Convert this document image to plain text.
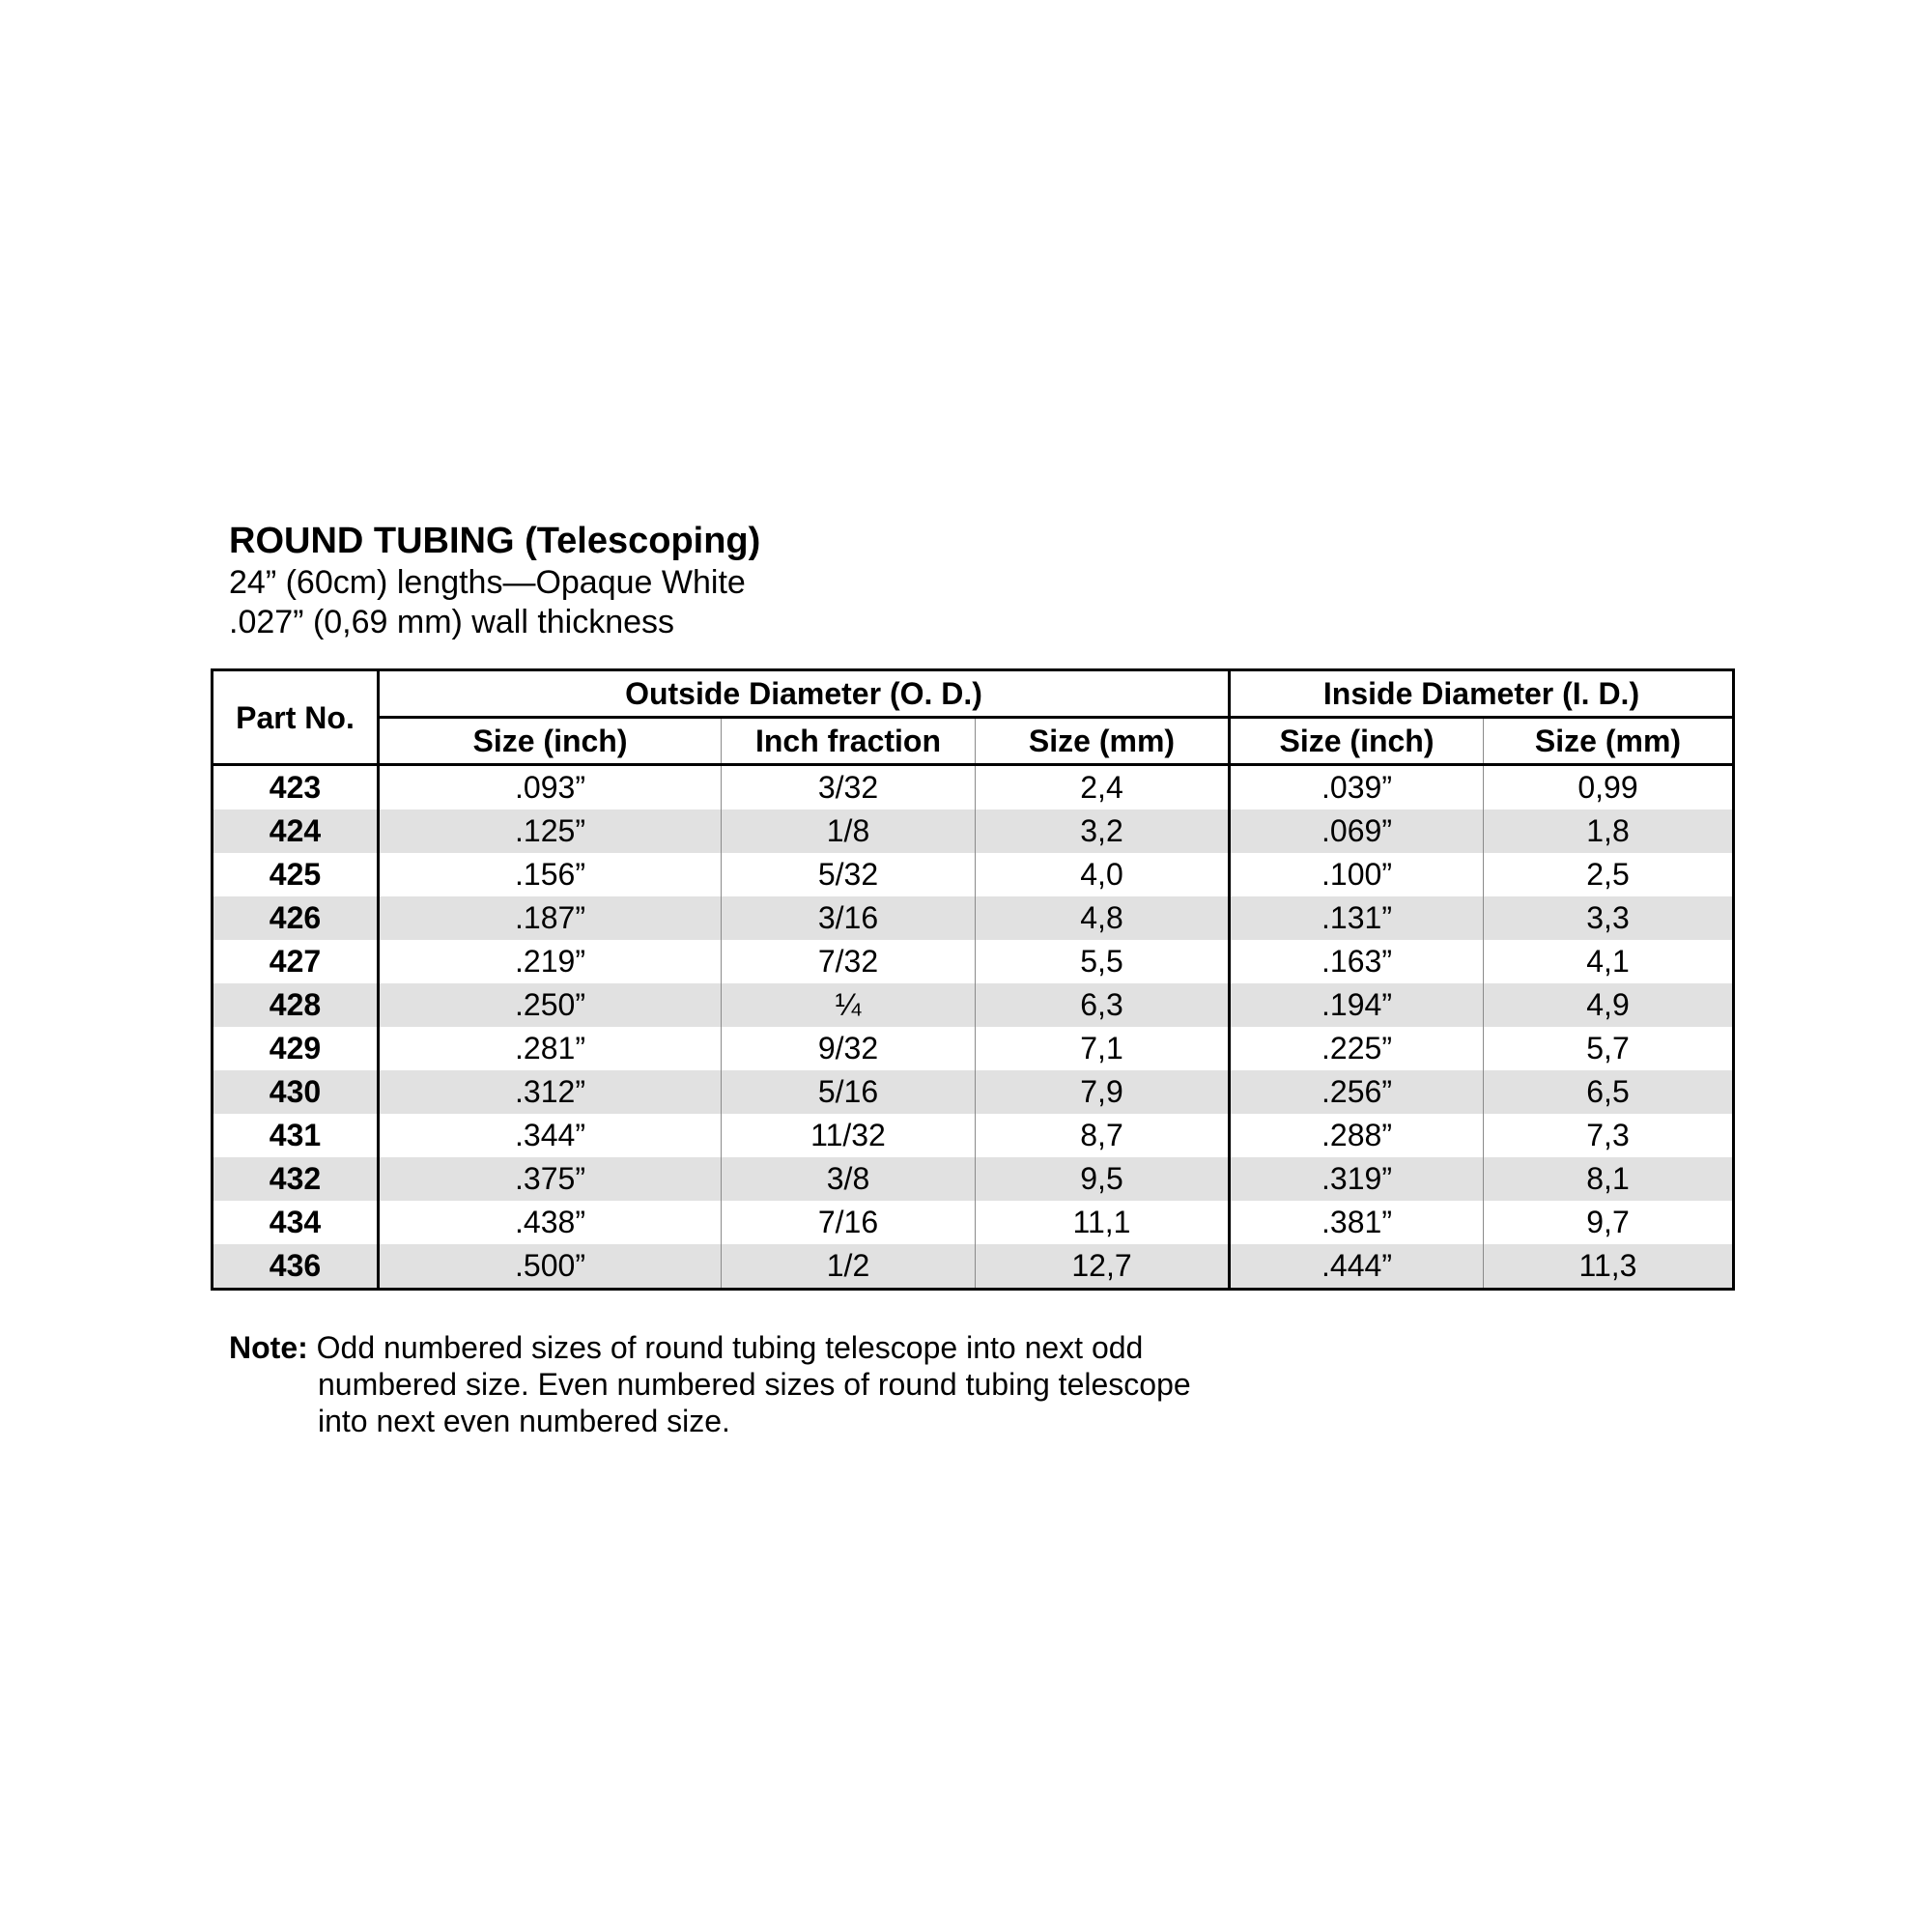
ROUND TUBING (Telescoping)
24” (60cm) lengths—Opaque White
.027” (0,69 mm) wall thickness
Part No.	Outside Diameter (O. D.)			Inside Diameter (I. D.)	
	Size (inch)	Inch fraction	Size (mm)	Size (inch)	Size (mm)
423	.093”	3/32	2,4	.039”	0,99
424	.125”	1/8	3,2	.069”	1,8
425	.156”	5/32	4,0	.100”	2,5
426	.187”	3/16	4,8	.131”	3,3
427	.219”	7/32	5,5	.163”	4,1
428	.250”	¼	6,3	.194”	4,9
429	.281”	9/32	7,1	.225”	5,7
430	.312”	5/16	7,9	.256”	6,5
431	.344”	11/32	8,7	.288”	7,3
432	.375”	3/8	9,5	.319”	8,1
434	.438”	7/16	11,1	.381”	9,7
436	.500”	1/2	12,7	.444”	11,3
Note: Odd numbered sizes of round tubing telescope into next odd
numbered size. Even numbered sizes of round tubing telescope
into next even numbered size.
